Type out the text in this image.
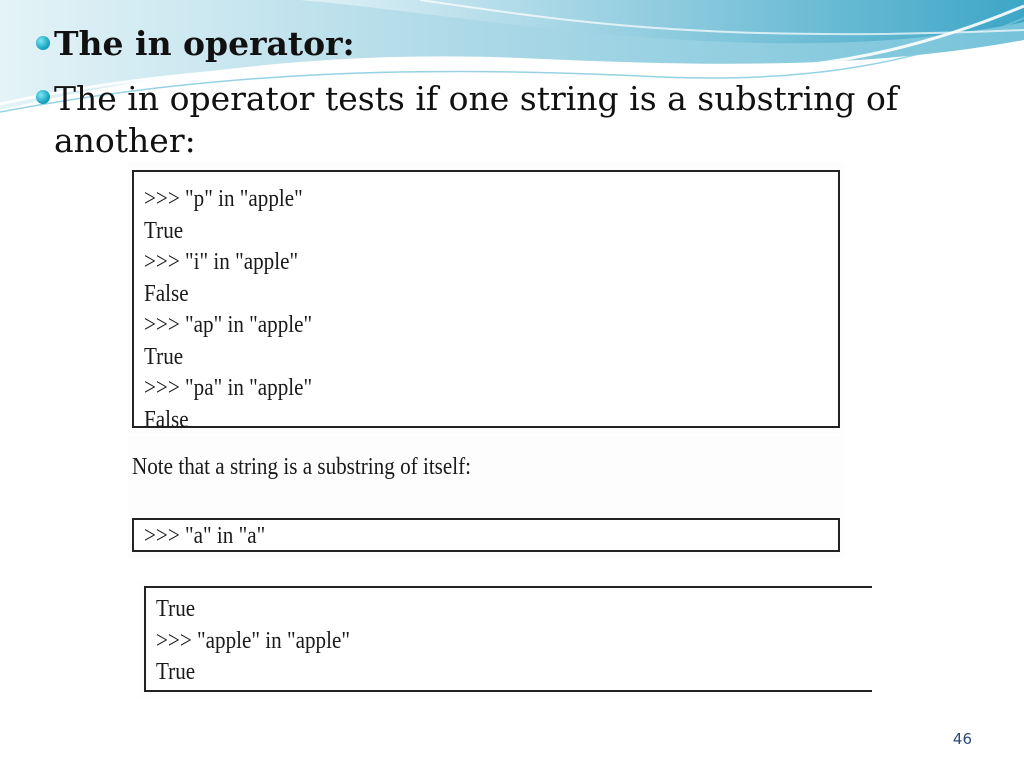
The in operator:
The in operator tests if one string is a substring of another:
>>> "p" in "apple"
True
>>> "i" in "apple"
False
>>> "ap" in "apple"
True
>>> "pa" in "apple"
False
Note that a string is a substring of itself:
>>> "a" in "a"
True
>>> "apple" in "apple"
True
46
